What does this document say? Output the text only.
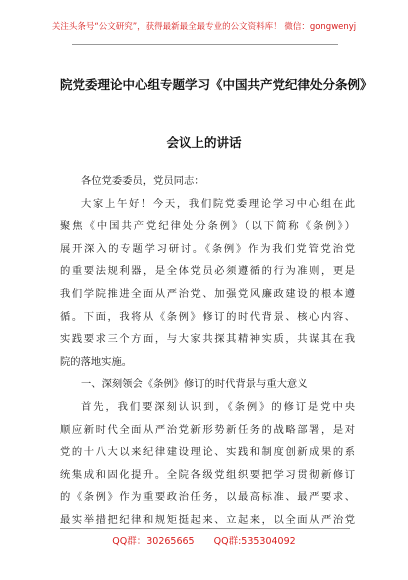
关注头条号“公文研究”，获得最新最全最专业的公文资料库！ 微信：gongwenyj
院党委理论中心组专题学习《中国共产党纪律处分条例》
会议上的讲话
各位党委委员，党员同志：
大家上午好！今天，我们院党委理论学习中心组在此
聚焦《中国共产党纪律处分条例》（以下简称《条例》）
展开深入的专题学习研讨。《条例》作为我们党管党治党
的重要法规利器，是全体党员必须遵循的行为准则，更是
我们学院推进全面从严治党、加强党风廉政建设的根本遵
循。下面，我将从《条例》修订的时代背景、核心内容、
实践要求三个方面，与大家共探其精神实质，共谋其在我
院的落地实施。
一、深刻领会《条例》修订的时代背景与重大意义
首先，我们要深刻认识到，《条例》的修订是党中央
顺应新时代全面从严治党新形势新任务的战略部署，是对
党的十八大以来纪律建设理论、实践和制度创新成果的系
统集成和固化提升。全院各级党组织要把学习贯彻新修订
的《条例》作为重要政治任务，以最高标准、最严要求、
最实举措把纪律和规矩挺起来、立起来，以全面从严治党
QQ群：30265665 QQ群:535304092
